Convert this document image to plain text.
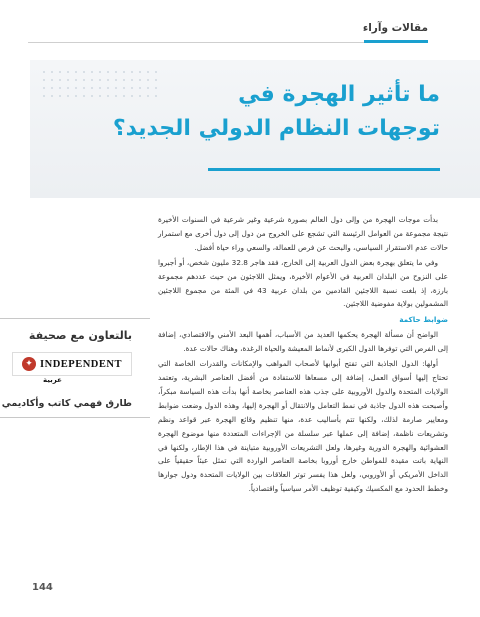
مقالات وآراء
ما تأثير الهجرة في
توجهات النظام الدولي الجديد؟

بدأت موجات الهجرة من وإلى دول العالم بصورة شرعية وغير شرعية في السنوات الأخيرة نتيجة مجموعة من العوامل الرئيسة التي تشجع على الخروج من دول إلى دول أخرى مع استمرار حالات عدم الاستقرار السياسي، والبحث عن فرص للعمالة، والسعي وراء حياة أفضل.

وفي ما يتعلق بهجرة بعض الدول العربية إلى الخارج، فقد هاجر 32.8 مليون شخص، أو أجبروا على النزوح من البلدان العربية في الأعوام الأخيرة، ويمثل اللاجئون من حيث عددهم مجموعة بارزة، إذ بلغت نسبة اللاجئين القادمين من بلدان عربية 43 في المئة من مجموع اللاجئين المشمولين بولاية مفوضية اللاجئين.

ضوابط حاكمة

الواضح أن مسألة الهجرة يحكمها العديد من الأسباب، أهمها البعد الأمني والاقتصادي، إضافة إلى الفرص التي توفرها الدول الكبرى لأنماط المعيشة والحياة الرغدة، وهناك حالات عدة.

أولها: الدول الجاذبة التي تفتح أبوابها لأصحاب المواهب والإمكانات والقدرات الخاصة التي تحتاج إليها أسواق العمل، إضافة إلى مسعاها للاستفادة من أفضل العناصر البشرية، وتعتمد الولايات المتحدة والدول الأوروبية على جذب هذه العناصر بخاصة أنها بدأت هذه السياسة مبكراً، وأصبحت هذه الدول جاذبة في نمط التعامل والانتقال أو الهجرة إليها، وهذه الدول وضعت ضوابط ومعايير صارمة لذلك، ولكنها تتم بأساليب عدة، منها تنظيم وقائع الهجرة عبر قواعد ونظم وتشريعات ناظمة، إضافة إلى عملها عبر سلسلة من الإجراءات المتعددة منها موضوع الهجرة العشوائية والهجرة الدورية وغيرها، ولعل التشريعات الأوروبية متباينة في هذا الإطار، ولكنها في النهاية باتت مقيدة للمواطن خارج أوروبا بخاصة العناصر الواردة التي تمثل عبئاً حقيقياً على الداخل الأمريكي أو الأوروبي، ولعل هذا يفسر توتر العلاقات بين الولايات المتحدة ودول جوارها وخطط الحدود مع المكسيك وكيفية توظيف الأمر سياسياً واقتصادياً.

بالتعاون مع صحيفة
✦ INDEPENDENT
عربية
طارق فهمي كاتب وأكاديمي
144
